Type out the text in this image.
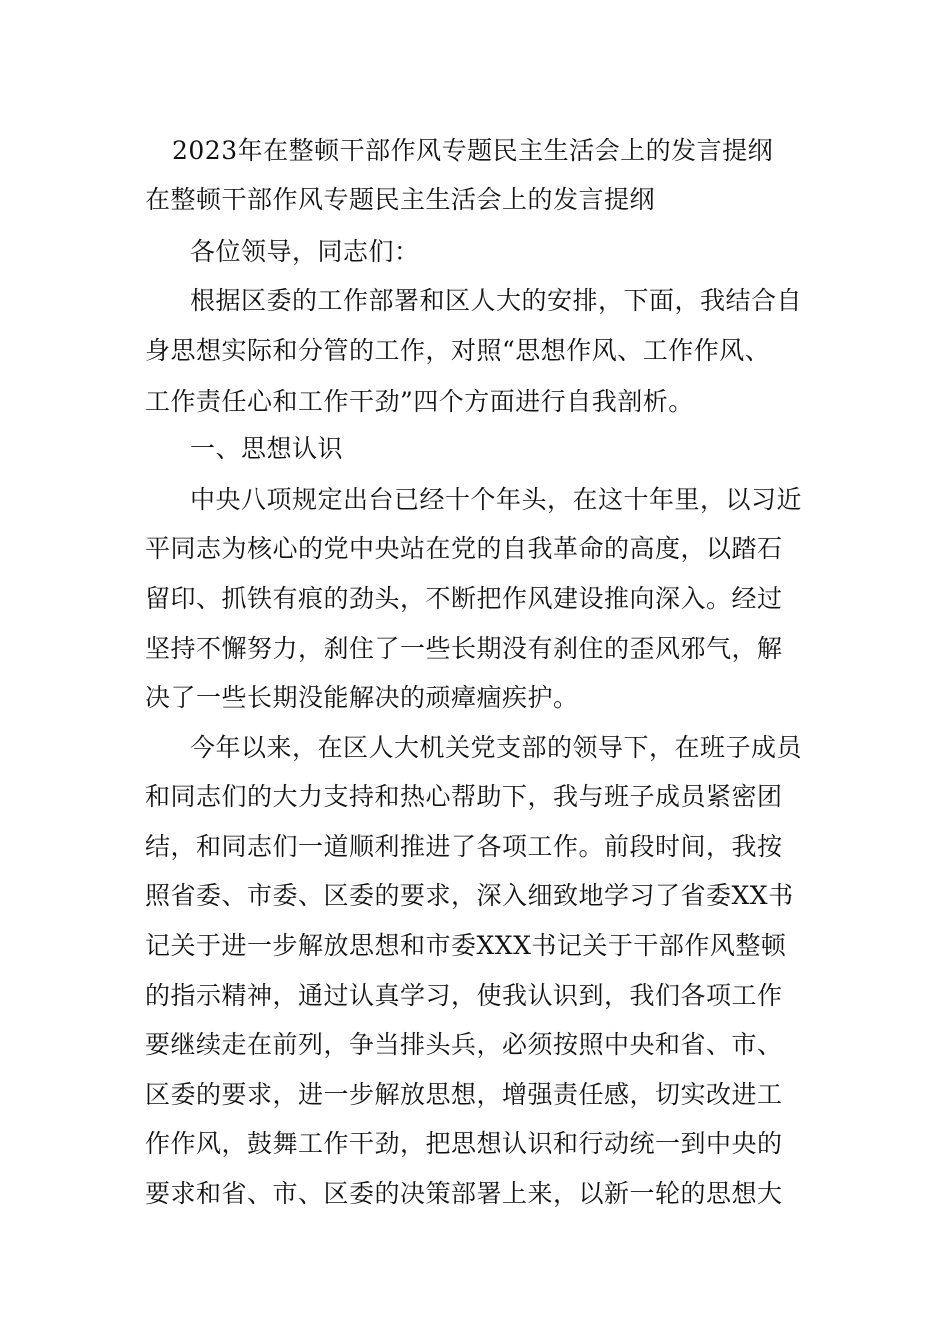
2023年在整顿干部作风专题民主生活会上的发言提纲
在整顿干部作风专题民主生活会上的发言提纲
各位领导，同志们：
根据区委的工作部署和区人大的安排，下面，我结合自
身思想实际和分管的工作，对照“思想作风、工作作风、
工作责任心和工作干劲”四个方面进行自我剖析。
一、思想认识
中央八项规定出台已经十个年头，在这十年里，以习近
平同志为核心的党中央站在党的自我革命的高度，以踏石
留印、抓铁有痕的劲头，不断把作风建设推向深入。经过
坚持不懈努力，刹住了一些长期没有刹住的歪风邪气，解
决了一些长期没能解决的顽瘴痼疾护。
今年以来，在区人大机关党支部的领导下，在班子成员
和同志们的大力支持和热心帮助下，我与班子成员紧密团
结，和同志们一道顺利推进了各项工作。前段时间，我按
照省委、市委、区委的要求，深入细致地学习了省委XX书
记关于进一步解放思想和市委XXX书记关于干部作风整顿
的指示精神，通过认真学习，使我认识到，我们各项工作
要继续走在前列，争当排头兵，必须按照中央和省、市、
区委的要求，进一步解放思想，增强责任感，切实改进工
作作风，鼓舞工作干劲，把思想认识和行动统一到中央的
要求和省、市、区委的决策部署上来，以新一轮的思想大
